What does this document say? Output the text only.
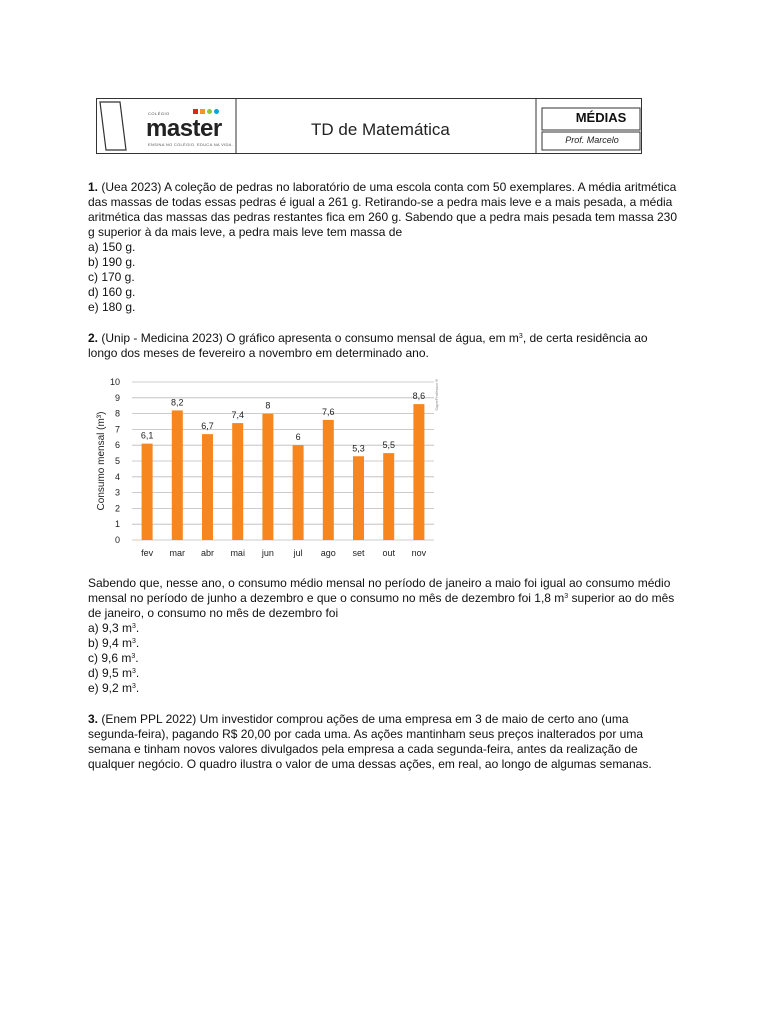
COLÉGIO
master
ENSINA NO COLÉGIO. EDUCA NA VIDA.
TD de Matemática
MÉDIAS
Prof. Marcelo

1. (Uea 2023) A coleção de pedras no laboratório de uma escola conta com 50 exemplares. A média aritmética das massas de todas essas pedras é igual a 261 g. Retirando-se a pedra mais leve e a mais pesada, a média aritmética das massas das pedras restantes fica em 260 g. Sabendo que a pedra mais pesada tem massa 230 g superior à da mais leve, a pedra mais leve tem massa de

a) 150 g.
b) 190 g.
c) 170 g.
d) 160 g.
e) 180 g.

2. (Unip - Medicina 2023) O gráfico apresenta o consumo mensal de água, em $m^3$, de certa residência ao longo dos meses de fevereiro a novembro em determinado ano.

0
1
2
3
4
5
6
7
8
9
10
Consumo mensal (m³)	6,1
fev
8,2
mar
6,7
abr
7,4
mai
8
jun
6
jul
7,6
ago
5,3
set
5,5
out
8,6
nov
SuperProfessor®

Sabendo que, nesse ano, o consumo médio mensal no período de janeiro a maio foi igual ao consumo médio mensal no período de junho a dezembro e que o consumo no mês de dezembro foi 1,8 $m^3$ superior ao do mês de janeiro, o consumo no mês de dezembro foi

a) 9,3 $m^3$.
b) 9,4 $m^3$.
c) 9,6 $m^3$.
d) 9,5 $m^3$.
e) 9,2 $m^3$.

3. (Enem PPL 2022) Um investidor comprou ações de uma empresa em 3 de maio de certo ano (uma segunda-feira), pagando R$ 20,00 por cada uma. As ações mantinham seus preços inalterados por uma semana e tinham novos valores divulgados pela empresa a cada segunda-feira, antes da realização de qualquer negócio. O quadro ilustra o valor de uma dessas ações, em real, ao longo de algumas semanas.
